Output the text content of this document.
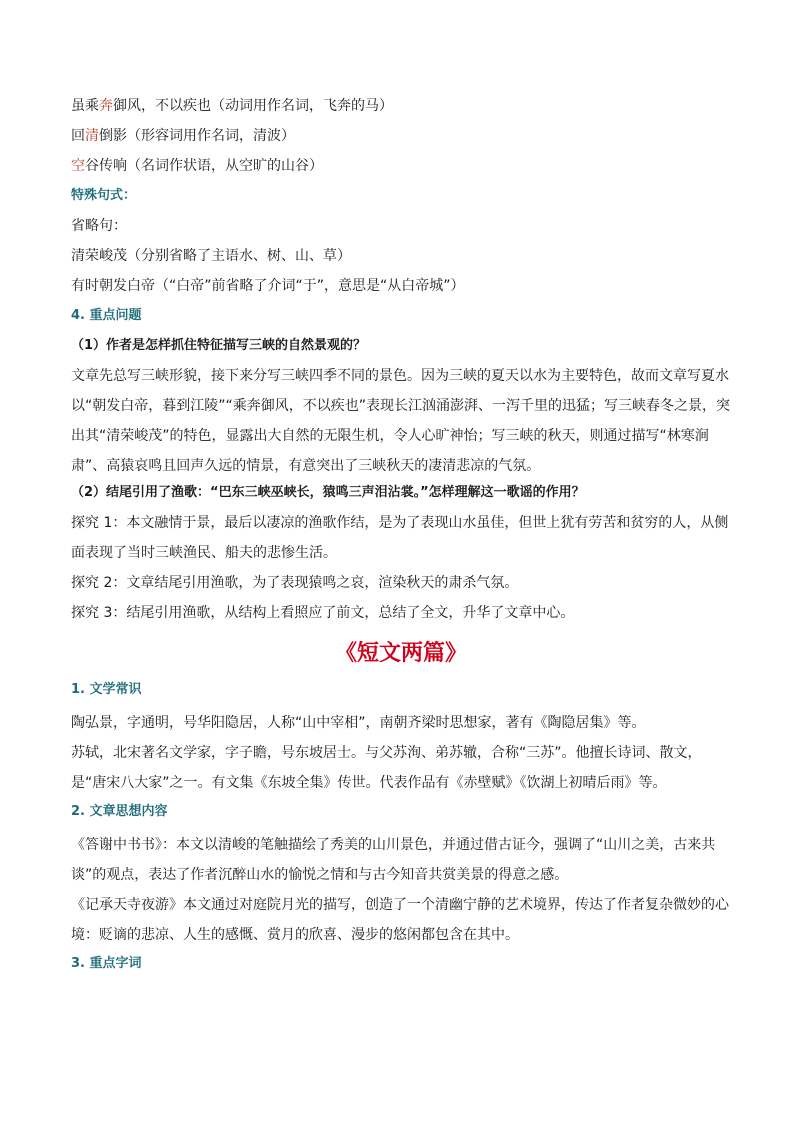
虽乘奔御风，不以疾也（动词用作名词，飞奔的马）
回清倒影（形容词用作名词，清波）
空谷传响（名词作状语，从空旷的山谷）
特殊句式：
省略句：
清荣峻茂（分别省略了主语水、树、山、草）
有时朝发白帝（“白帝”前省略了介词“于”，意思是“从白帝城”）
4. 重点问题
（1）作者是怎样抓住特征描写三峡的自然景观的？
文章先总写三峡形貌，接下来分写三峡四季不同的景色。因为三峡的夏天以水为主要特色，故而文章写夏水以“朝发白帝，暮到江陵”“乘奔御风，不以疾也”表现长江汹涌澎湃、一泻千里的迅猛；写三峡春冬之景，突出其“清荣峻茂”的特色，显露出大自然的无限生机，令人心旷神怡；写三峡的秋天，则通过描写“林寒涧肃”、高猿哀鸣且回声久远的情景，有意突出了三峡秋天的凄清悲凉的气氛。
（2）结尾引用了渔歌：“巴东三峡巫峡长，猿鸣三声泪沾裳。”怎样理解这一歌谣的作用？
探究 1：本文融情于景，最后以凄凉的渔歌作结，是为了表现山水虽佳，但世上犹有劳苦和贫穷的人，从侧面表现了当时三峡渔民、船夫的悲惨生活。
探究 2：文章结尾引用渔歌，为了表现猿鸣之哀，渲染秋天的肃杀气氛。
探究 3：结尾引用渔歌，从结构上看照应了前文，总结了全文，升华了文章中心。
《短文两篇》
1. 文学常识
陶弘景，字通明，号华阳隐居，人称“山中宰相”，南朝齐梁时思想家，著有《陶隐居集》等。
苏轼，北宋著名文学家，字子瞻，号东坡居士。与父苏洵、弟苏辙，合称“三苏”。他擅长诗词、散文，是“唐宋八大家”之一。有文集《东坡全集》传世。代表作品有《赤壁赋》《饮湖上初晴后雨》等。
2. 文章思想内容
《答谢中书书》：本文以清峻的笔触描绘了秀美的山川景色，并通过借古证今，强调了“山川之美，古来共谈”的观点，表达了作者沉醉山水的愉悦之情和与古今知音共赏美景的得意之感。
《记承天寺夜游》本文通过对庭院月光的描写，创造了一个清幽宁静的艺术境界，传达了作者复杂微妙的心境：贬谪的悲凉、人生的感慨、赏月的欣喜、漫步的悠闲都包含在其中。
3. 重点字词
